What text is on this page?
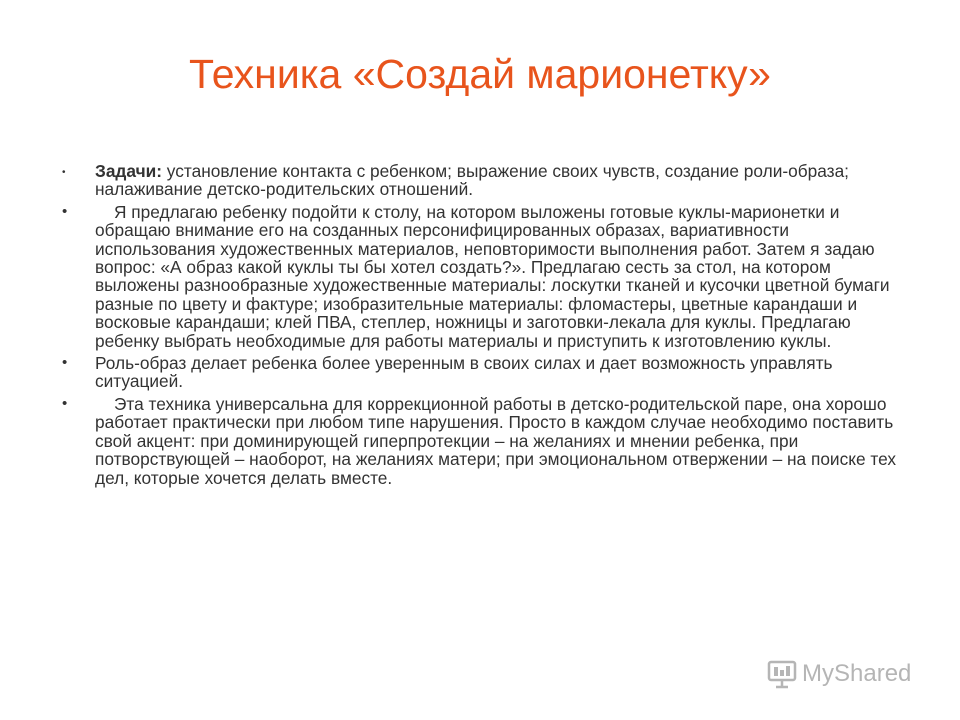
Техника «Создай марионетку»

• Задачи: установление контакта с ребенком; выражение своих чувств, создание роли-образа; налаживание детско-родительских отношений.

•	Я предлагаю ребенку подойти к столу, на котором выложены готовые куклы-марионетки и обращаю внимание его на созданных персонифицированных образах, вариативности использования художественных материалов, неповторимости выполнения работ. Затем я задаю вопрос: «А образ какой куклы ты бы хотел создать?». Предлагаю сесть за стол, на котором выложены разнообразные художественные материалы: лоскутки тканей и кусочки цветной бумаги разные по цвету и фактуре; изобразительные материалы: фломастеры, цветные карандаши и восковые карандаши; клей ПВА, степлер, ножницы и заготовки-лекала для куклы. Предлагаю ребенку выбрать необходимые для работы материалы и приступить к изготовлению куклы.

• Роль-образ делает ребенка более уверенным в своих силах и дает возможность управлять ситуацией.

•	Эта техника универсальна для коррекционной работы в детско-родительской паре, она хорошо работает практически при любом типе нарушения. Просто в каждом случае необходимо поставить свой акцент: при доминирующей гиперпротекции – на желаниях и мнении ребенка, при потворствующей – наоборот, на желаниях матери; при эмоциональном отвержении – на поиске тех дел, которые хочется делать вместе.

MyShared
